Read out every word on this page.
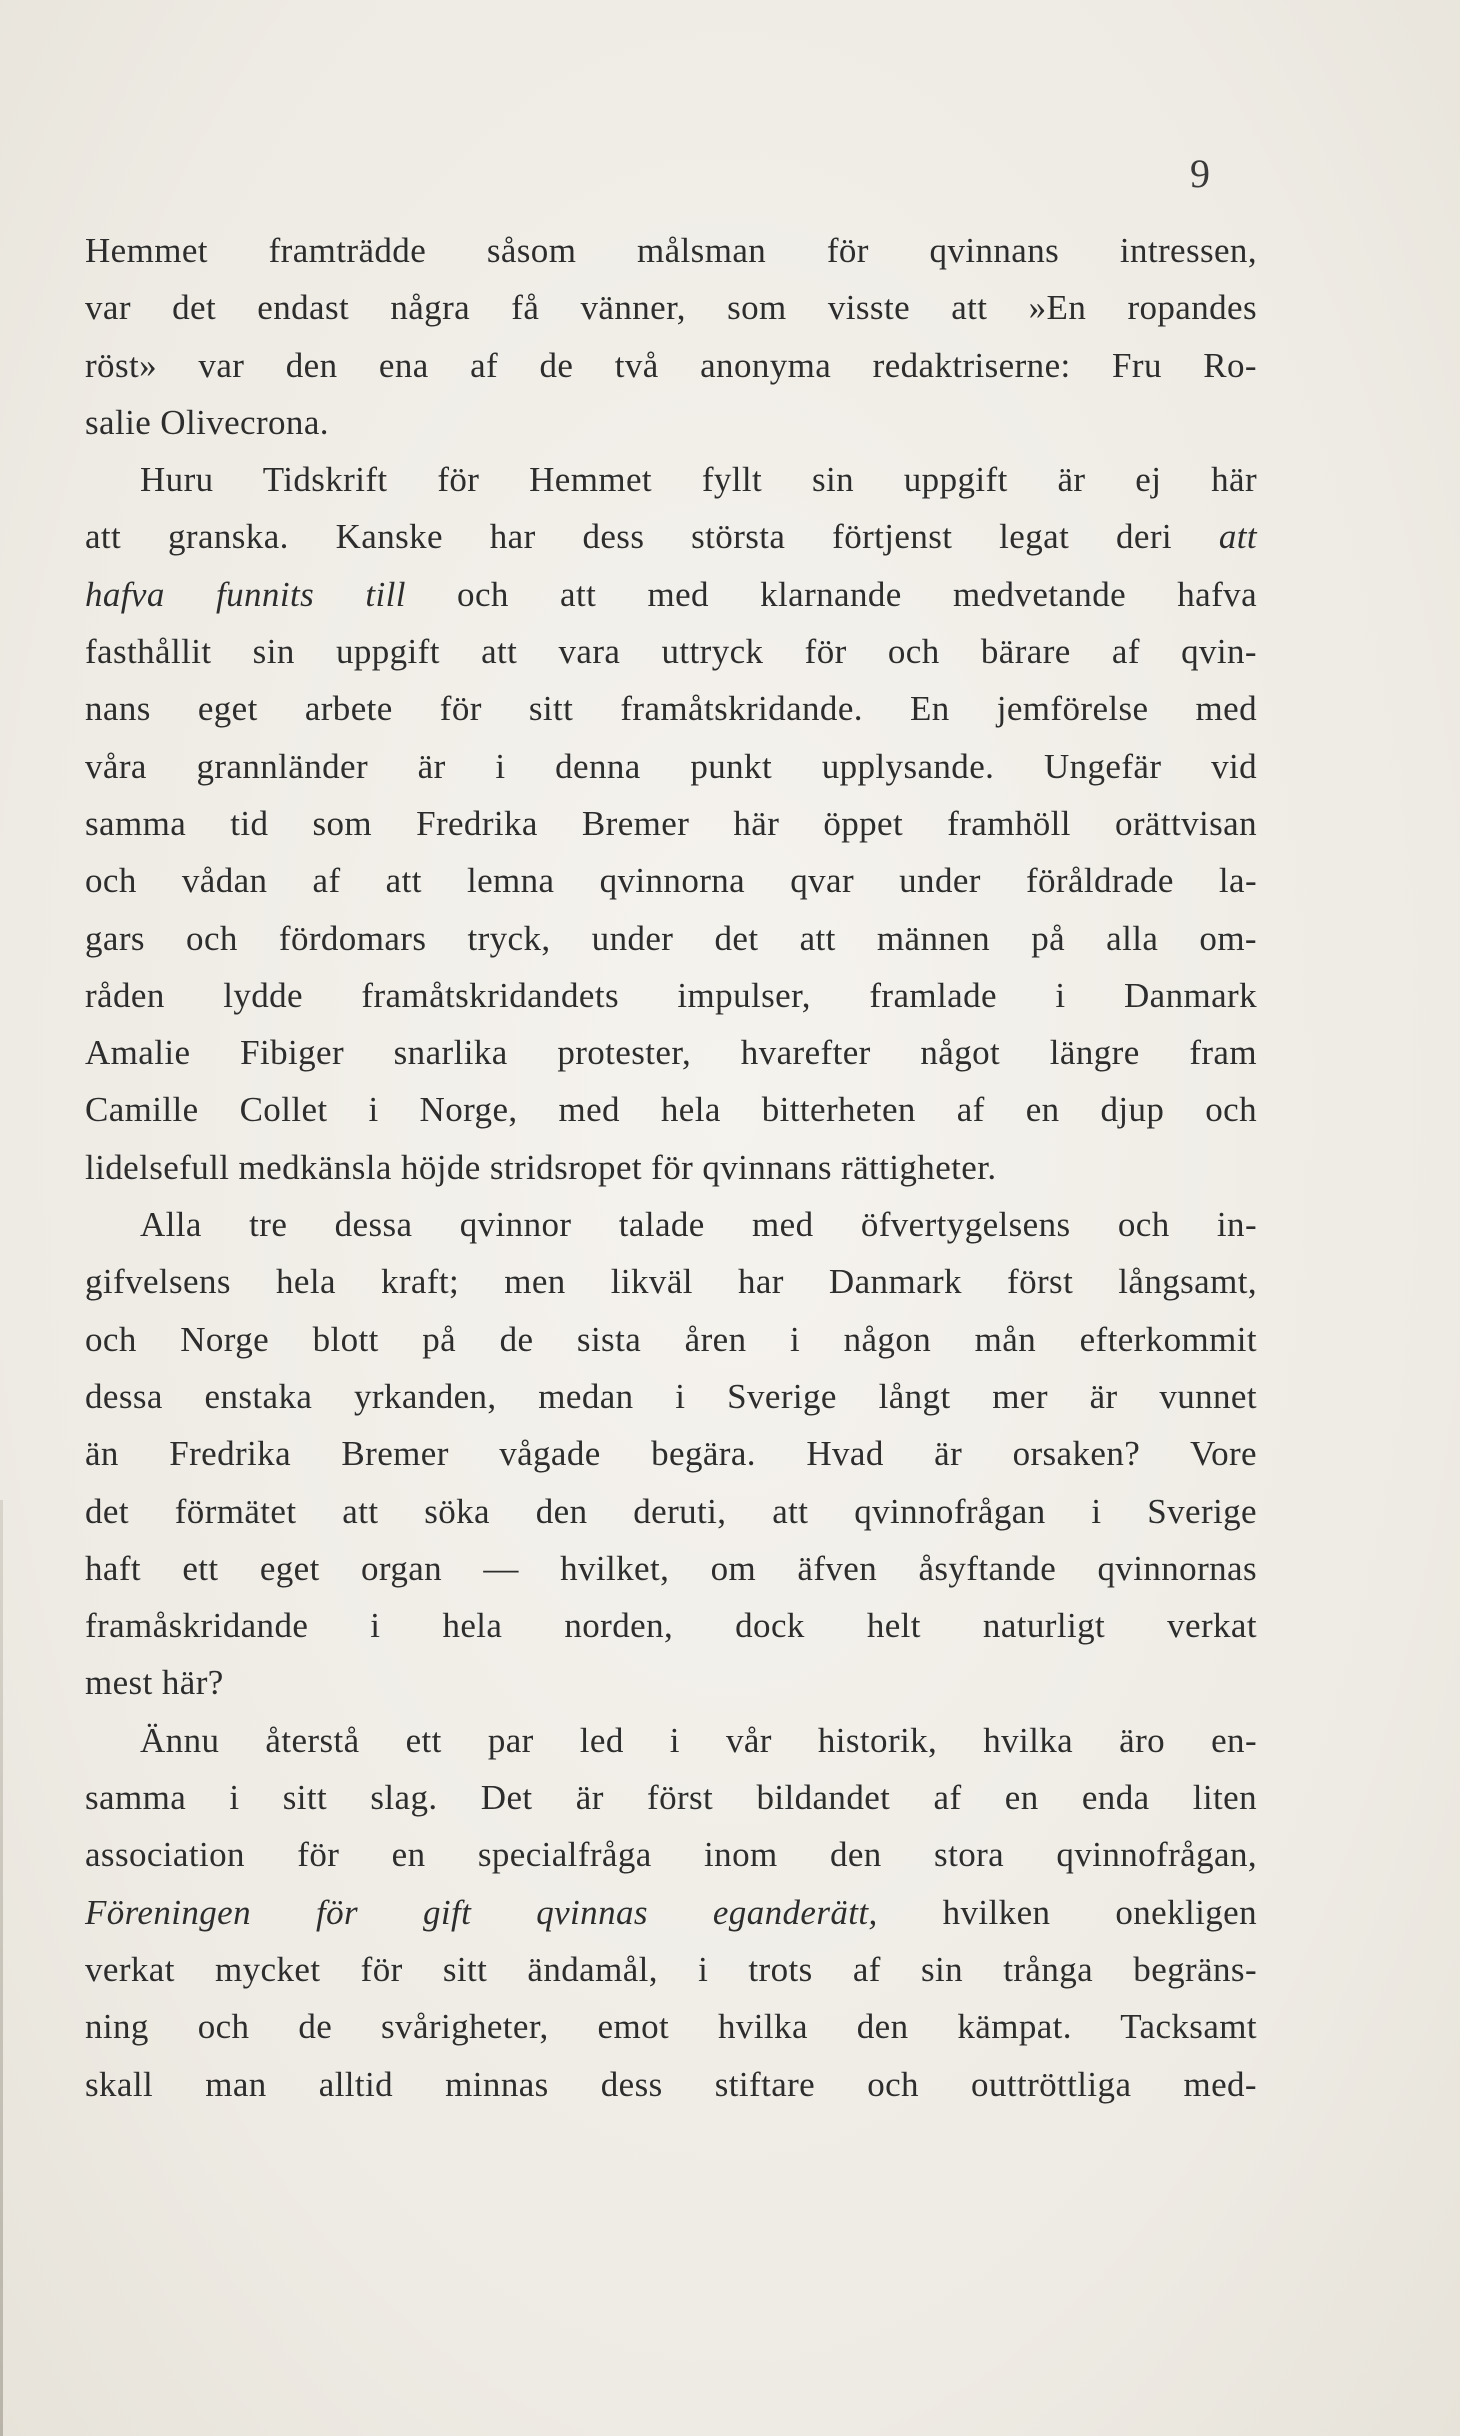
9
Hemmet framträdde såsom målsman för qvinnans intressen,
var det endast några få vänner, som visste att »En ropandes
röst» var den ena af de två anonyma redaktriserne: Fru Ro-
salie Olivecrona.
Huru Tidskrift för Hemmet fyllt sin uppgift är ej här
att granska. Kanske har dess största förtjenst legat deri att
hafva funnits till och att med klarnande medvetande hafva
fasthållit sin uppgift att vara uttryck för och bärare af qvin-
nans eget arbete för sitt framåtskridande. En jemförelse med
våra grannländer är i denna punkt upplysande. Ungefär vid
samma tid som Fredrika Bremer här öppet framhöll orättvisan
och vådan af att lemna qvinnorna qvar under föråldrade la-
gars och fördomars tryck, under det att männen på alla om-
råden lydde framåtskridandets impulser, framlade i Danmark
Amalie Fibiger snarlika protester, hvarefter något längre fram
Camille Collet i Norge, med hela bitterheten af en djup och
lidelsefull medkänsla höjde stridsropet för qvinnans rättigheter.
Alla tre dessa qvinnor talade med öfvertygelsens och in-
gifvelsens hela kraft; men likväl har Danmark först långsamt,
och Norge blott på de sista åren i någon mån efterkommit
dessa enstaka yrkanden, medan i Sverige långt mer är vunnet
än Fredrika Bremer vågade begära. Hvad är orsaken? Vore
det förmätet att söka den deruti, att qvinnofrågan i Sverige
haft ett eget organ — hvilket, om äfven åsyftande qvinnornas
framåskridande i hela norden, dock helt naturligt verkat
mest här?
Ännu återstå ett par led i vår historik, hvilka äro en-
samma i sitt slag. Det är först bildandet af en enda liten
association för en specialfråga inom den stora qvinnofrågan,
Föreningen för gift qvinnas eganderätt, hvilken onekligen
verkat mycket för sitt ändamål, i trots af sin trånga begräns-
ning och de svårigheter, emot hvilka den kämpat. Tacksamt
skall man alltid minnas dess stiftare och outtröttliga med-
